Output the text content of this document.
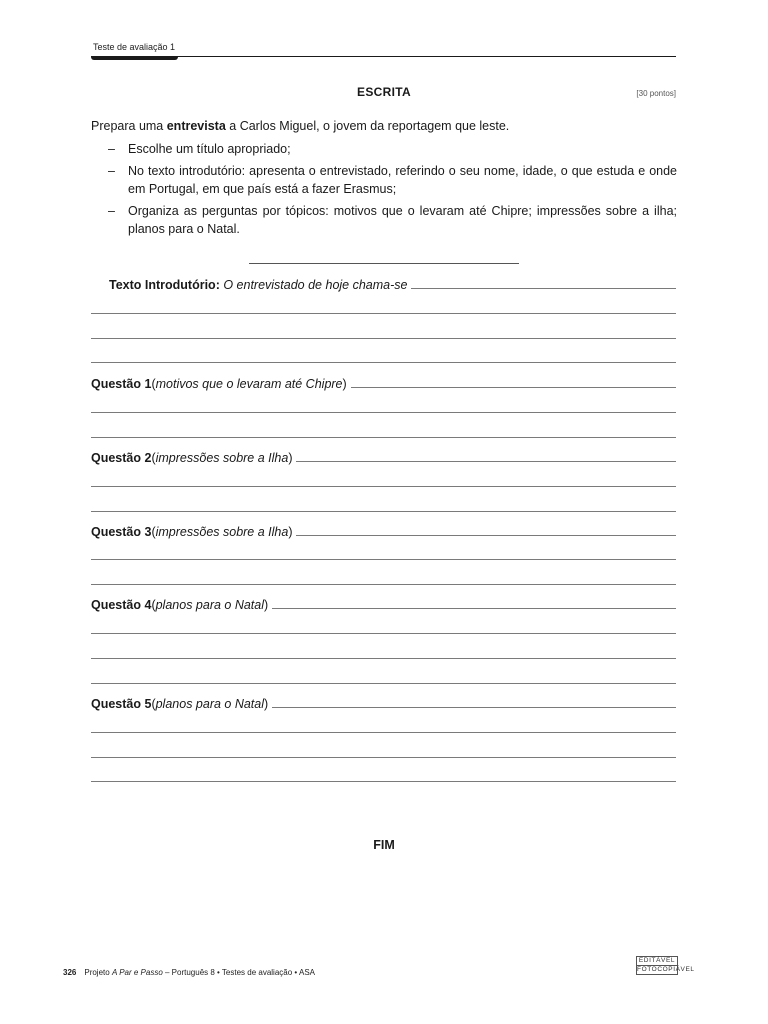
Teste de avaliação 1
ESCRITA	[30 pontos]
Prepara uma entrevista a Carlos Miguel, o jovem da reportagem que leste.
– Escolhe um título apropriado;
– No texto introdutório: apresenta o entrevistado, referindo o seu nome, idade, o que estuda e onde em Portugal, em que país está a fazer Erasmus;
– Organiza as perguntas por tópicos: motivos que o levaram até Chipre; impressões sobre a ilha; planos para o Natal.
Texto Introdutório:
O entrevistado de hoje chama-se
Questão 1 ( motivos que o levaram até Chipre )
Questão 2 ( impressões sobre a Ilha )
Questão 3 ( impressões sobre a Ilha )
Questão 4 ( planos para o Natal )
Questão 5 ( planos para o Natal )
FIM
326 Projeto A Par e Passo – Português 8 • Testes de avaliação • ASA
EDITÁVEL
FOTOCOPIÁVEL
